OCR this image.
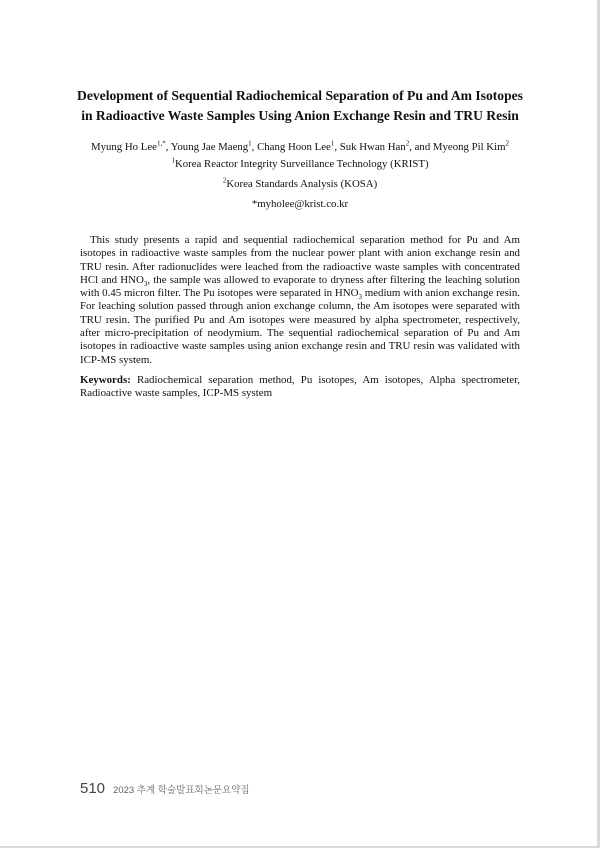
Development of Sequential Radiochemical Separation of Pu and Am Isotopes
in Radioactive Waste Samples Using Anion Exchange Resin and TRU Resin
Myung Ho Lee$^{1,*}$, Young Jae Maeng$^1$, Chang Hoon Lee$^1$, Suk Hwan Han$^2$, and Myeong Pil Kim$^2$
$^1$Korea Reactor Integrity Surveillance Technology (KRIST)
$^2$Korea Standards Analysis (KOSA)
*myholee@krist.co.kr
This study presents a rapid and sequential radiochemical separation method for Pu and Am isotopes in radioactive waste samples from the nuclear power plant with anion exchange resin and TRU resin. After radionuclides were leached from the radioactive waste samples with concentrated HCl and $HNO_3$, the sample was allowed to evaporate to dryness after filtering the leaching solution with 0.45 micron filter. The Pu isotopes were separated in $HNO_3$ medium with anion exchange resin. For leaching solution passed through anion exchange column, the Am isotopes were separated with TRU resin. The purified Pu and Am isotopes were measured by alpha spectrometer, respectively, after micro-precipitation of neodymium. The sequential radiochemical separation of Pu and Am isotopes in radioactive waste samples using anion exchange resin and TRU resin was validated with ICP-MS system.
Keywords: Radiochemical separation method, Pu isotopes, Am isotopes, Alpha spectrometer, Radioactive waste samples, ICP-MS system
510 2023 추계 학술발표회논문요약집
